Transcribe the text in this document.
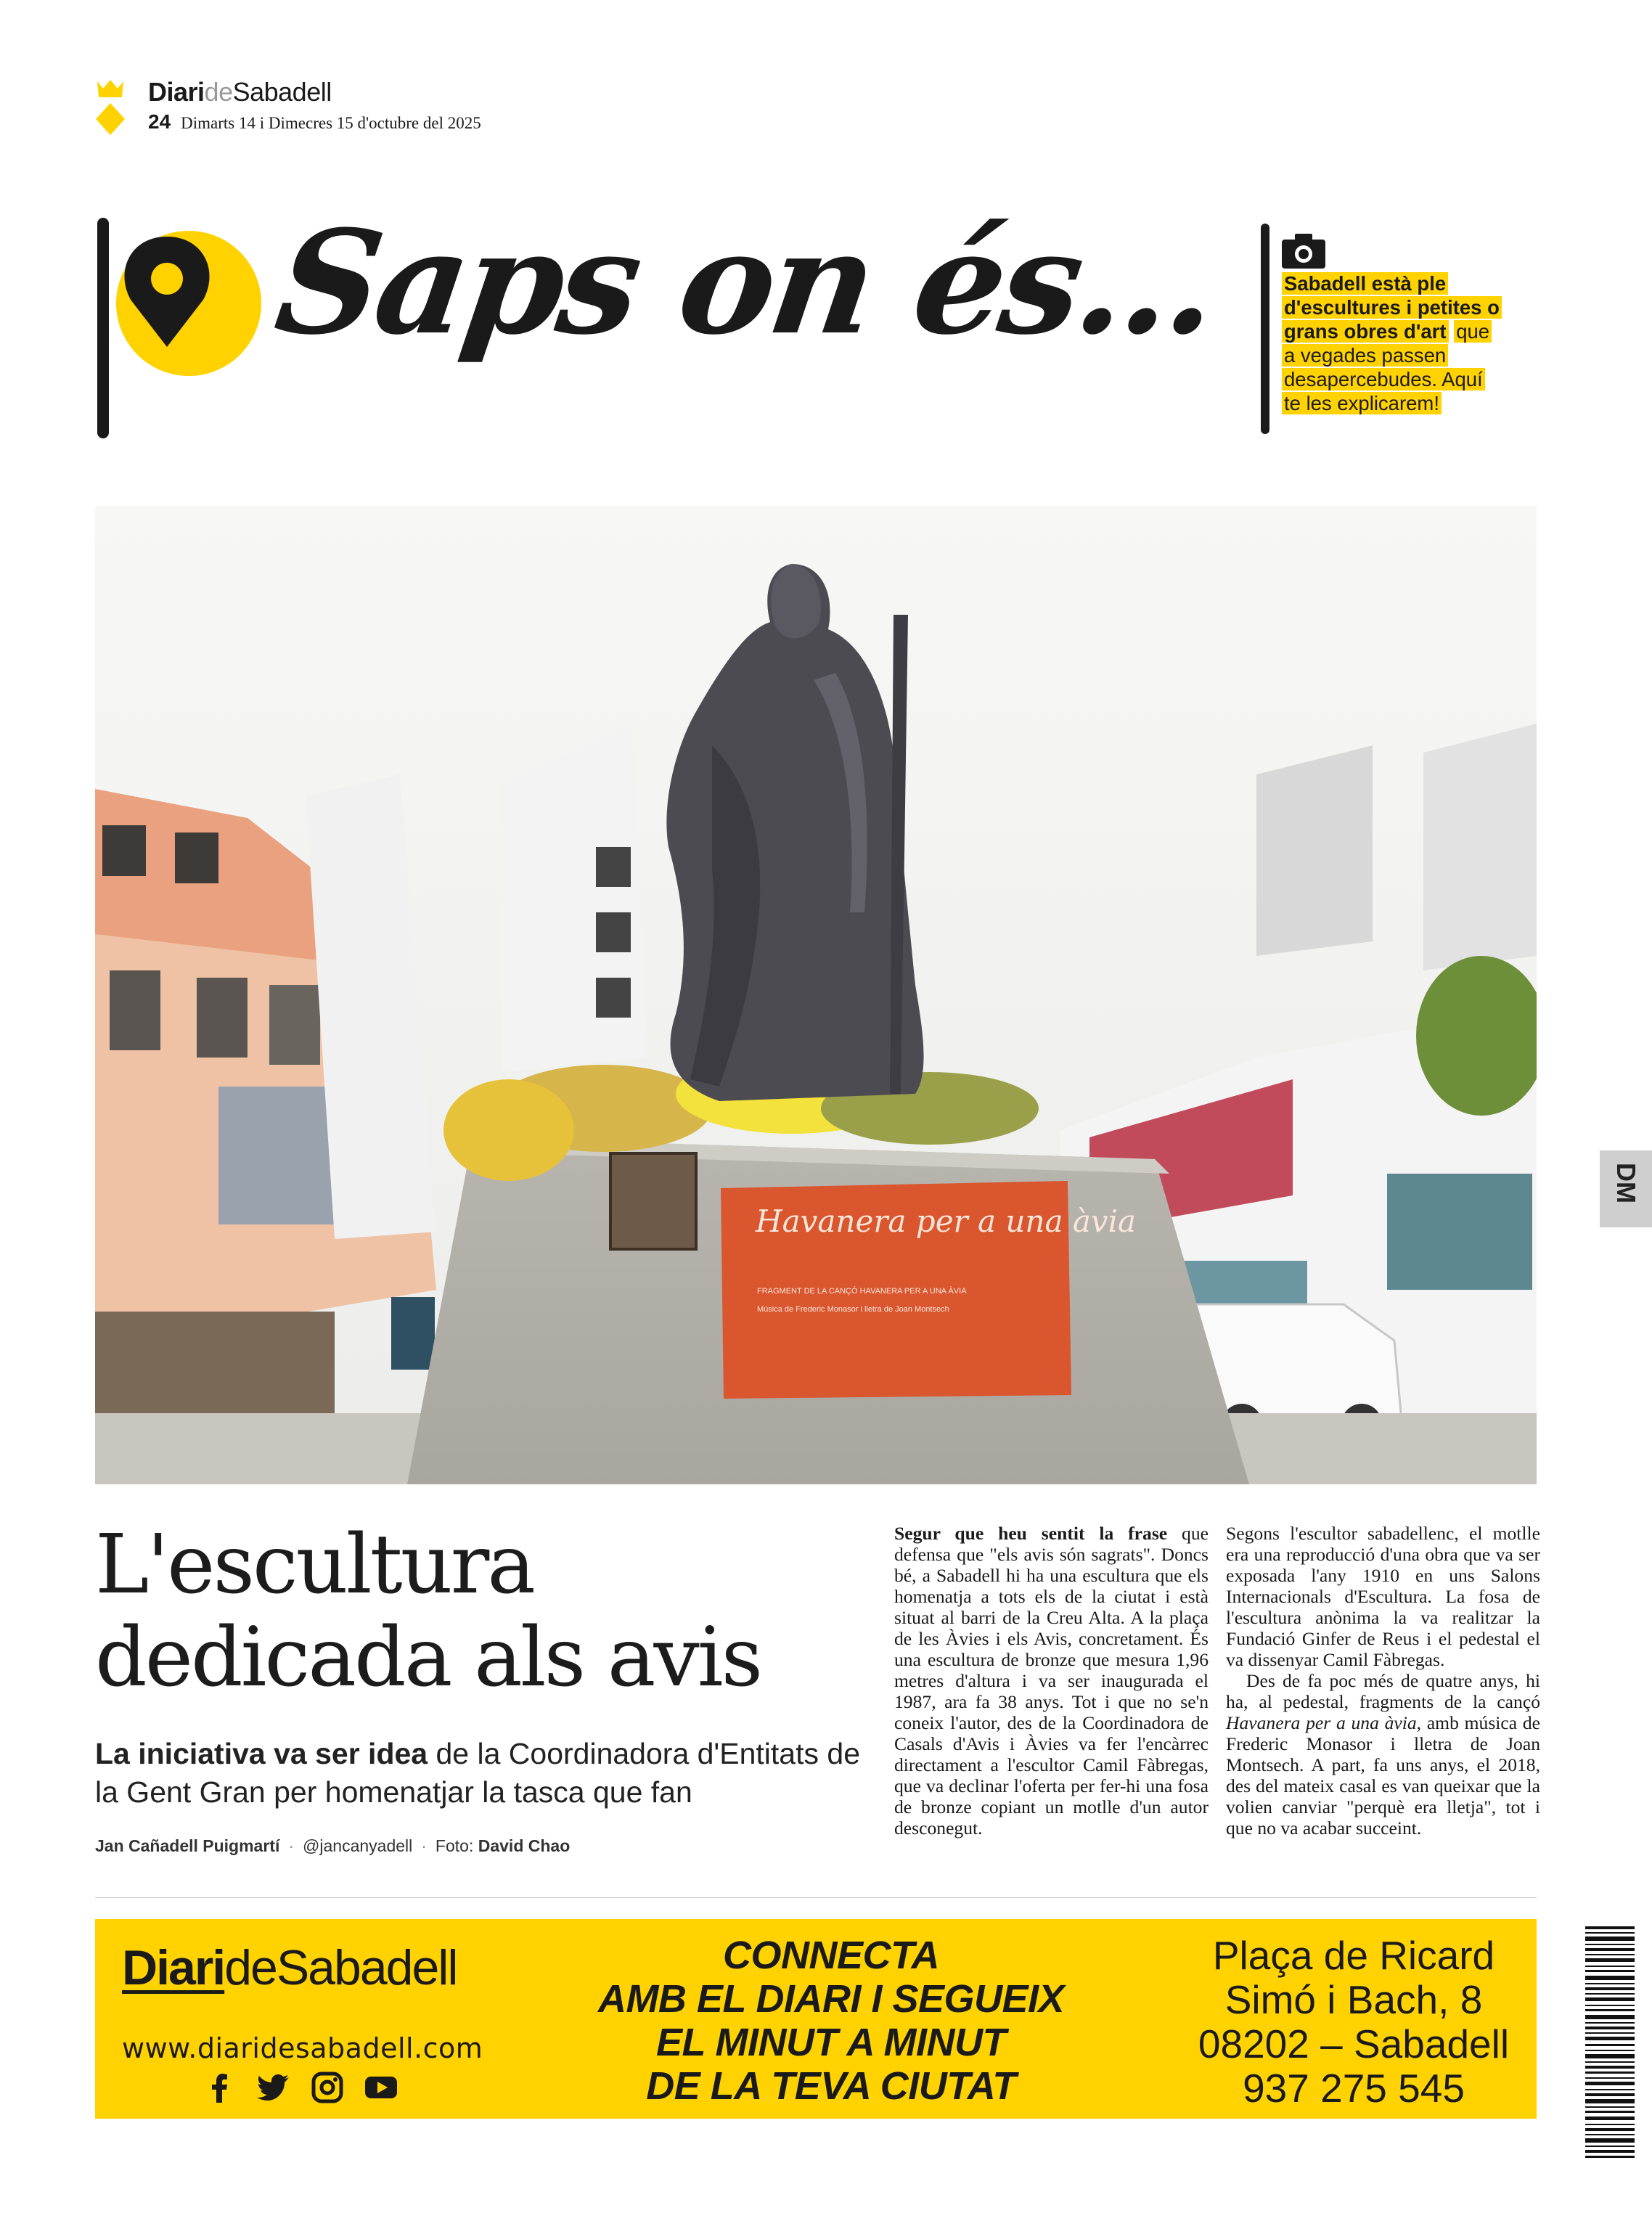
DiarideSabadell
24 Dimarts 14 i Dimecres 15 d'octubre del 2025
Saps on és...	Sabadell està ple d'escultures i petites o grans obres d'art que a vegades passen desapercebudes. Aquí te les explicarem!
Havanera per a una àvia
FRAGMENT DE LA CANÇÓ HAVANERA PER A UNA ÀVIA
Música de Frederic Monasor i lletra de Joan Montsech
DM
L'escultura
dedicada als avis
La iniciativa va ser idea de la Coordinadora d'Entitats de la Gent Gran per homenatjar la tasca que fan
Jan Cañadell Puigmartí · @jancanyadell · Foto: David Chao

Segur que heu sentit la frase que defensa que "els avis són sagrats". Doncs bé, a Sabadell hi ha una escultura que els homenatja a tots els de la ciutat i està situat al barri de la Creu Alta. A la plaça de les Àvies i els Avis, concretament. És una escultura de bronze que mesura 1,96 metres d'altura i va ser inaugurada el 1987, ara fa 38 anys. Tot i que no se'n coneix l'autor, des de la Coordinadora de Casals d'Avis i Àvies va fer l'encàrrec directament a l'escultor Camil Fàbregas, que va declinar l'oferta per fer-hi una fosa de bronze copiant un motlle d'un autor desconegut.

Segons l'escultor sabadellenc, el motlle era una reproducció d'una obra que va ser exposada l'any 1910 en uns Salons Internacionals d'Escultura. La fosa de l'escultura anònima la va realitzar la Fundació Ginfer de Reus i el pedestal el va dissenyar Camil Fàbregas.

Des de fa poc més de quatre anys, hi ha, al pedestal, fragments de la cançó Havanera per a una àvia, amb música de Frederic Monasor i lletra de Joan Montsech. A part, fa uns anys, el 2018, des del mateix casal es van queixar que la volien canviar "perquè era lletja", tot i que no va acabar succeint.

DiarideSabadell
www.diaridesabadell.com
CONNECTA
AMB EL DIARI I SEGUEIX
EL MINUT A MINUT
DE LA TEVA CIUTAT
Plaça de Ricard
Simó i Bach, 8
08202 – Sabadell
937 275 545
